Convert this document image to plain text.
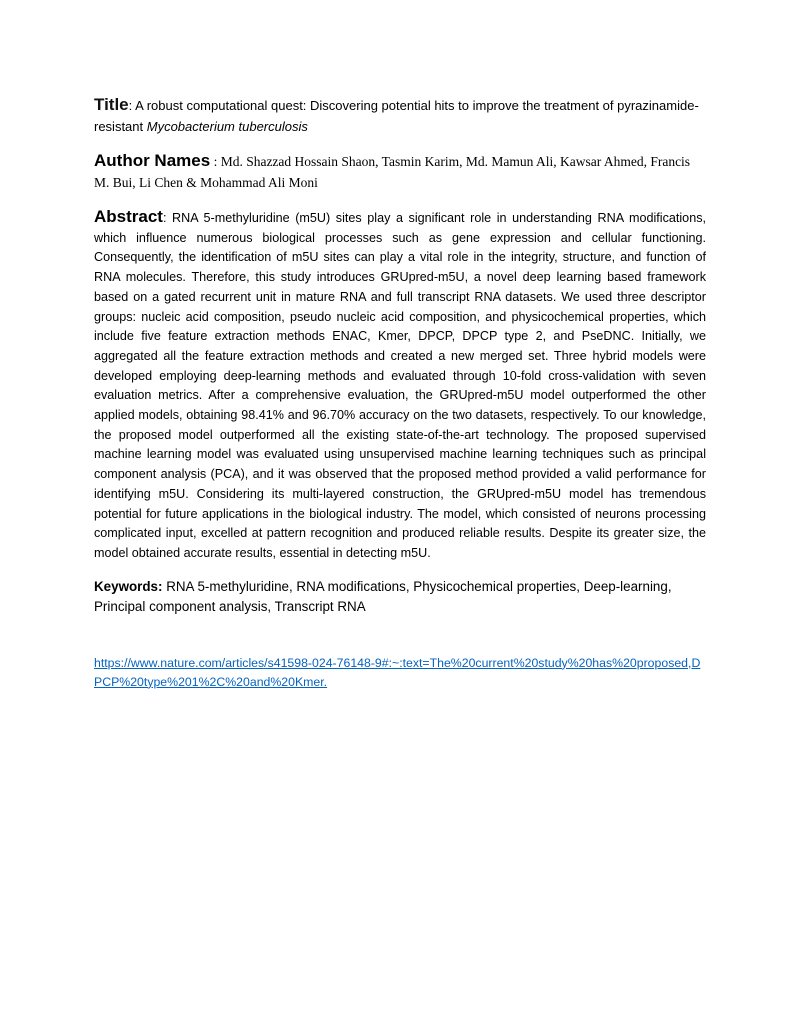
Title: A robust computational quest: Discovering potential hits to improve the treatment of pyrazinamide-resistant Mycobacterium tuberculosis
Author Names : Md. Shazzad Hossain Shaon, Tasmin Karim, Md. Mamun Ali, Kawsar Ahmed, Francis M. Bui, Li Chen & Mohammad Ali Moni
Abstract: RNA 5-methyluridine (m5U) sites play a significant role in understanding RNA modifications, which influence numerous biological processes such as gene expression and cellular functioning. Consequently, the identification of m5U sites can play a vital role in the integrity, structure, and function of RNA molecules. Therefore, this study introduces GRUpred-m5U, a novel deep learning based framework based on a gated recurrent unit in mature RNA and full transcript RNA datasets. We used three descriptor groups: nucleic acid composition, pseudo nucleic acid composition, and physicochemical properties, which include five feature extraction methods ENAC, Kmer, DPCP, DPCP type 2, and PseDNC. Initially, we aggregated all the feature extraction methods and created a new merged set. Three hybrid models were developed employing deep-learning methods and evaluated through 10-fold cross-validation with seven evaluation metrics. After a comprehensive evaluation, the GRUpred-m5U model outperformed the other applied models, obtaining 98.41% and 96.70% accuracy on the two datasets, respectively. To our knowledge, the proposed model outperformed all the existing state-of-the-art technology. The proposed supervised machine learning model was evaluated using unsupervised machine learning techniques such as principal component analysis (PCA), and it was observed that the proposed method provided a valid performance for identifying m5U. Considering its multi-layered construction, the GRUpred-m5U model has tremendous potential for future applications in the biological industry. The model, which consisted of neurons processing complicated input, excelled at pattern recognition and produced reliable results. Despite its greater size, the model obtained accurate results, essential in detecting m5U.
Keywords: RNA 5-methyluridine, RNA modifications, Physicochemical properties, Deep-learning, Principal component analysis, Transcript RNA
https://www.nature.com/articles/s41598-024-76148-9#:~:text=The%20current%20study%20has%20proposed,DPCP%20type%201%2C%20and%20Kmer.
